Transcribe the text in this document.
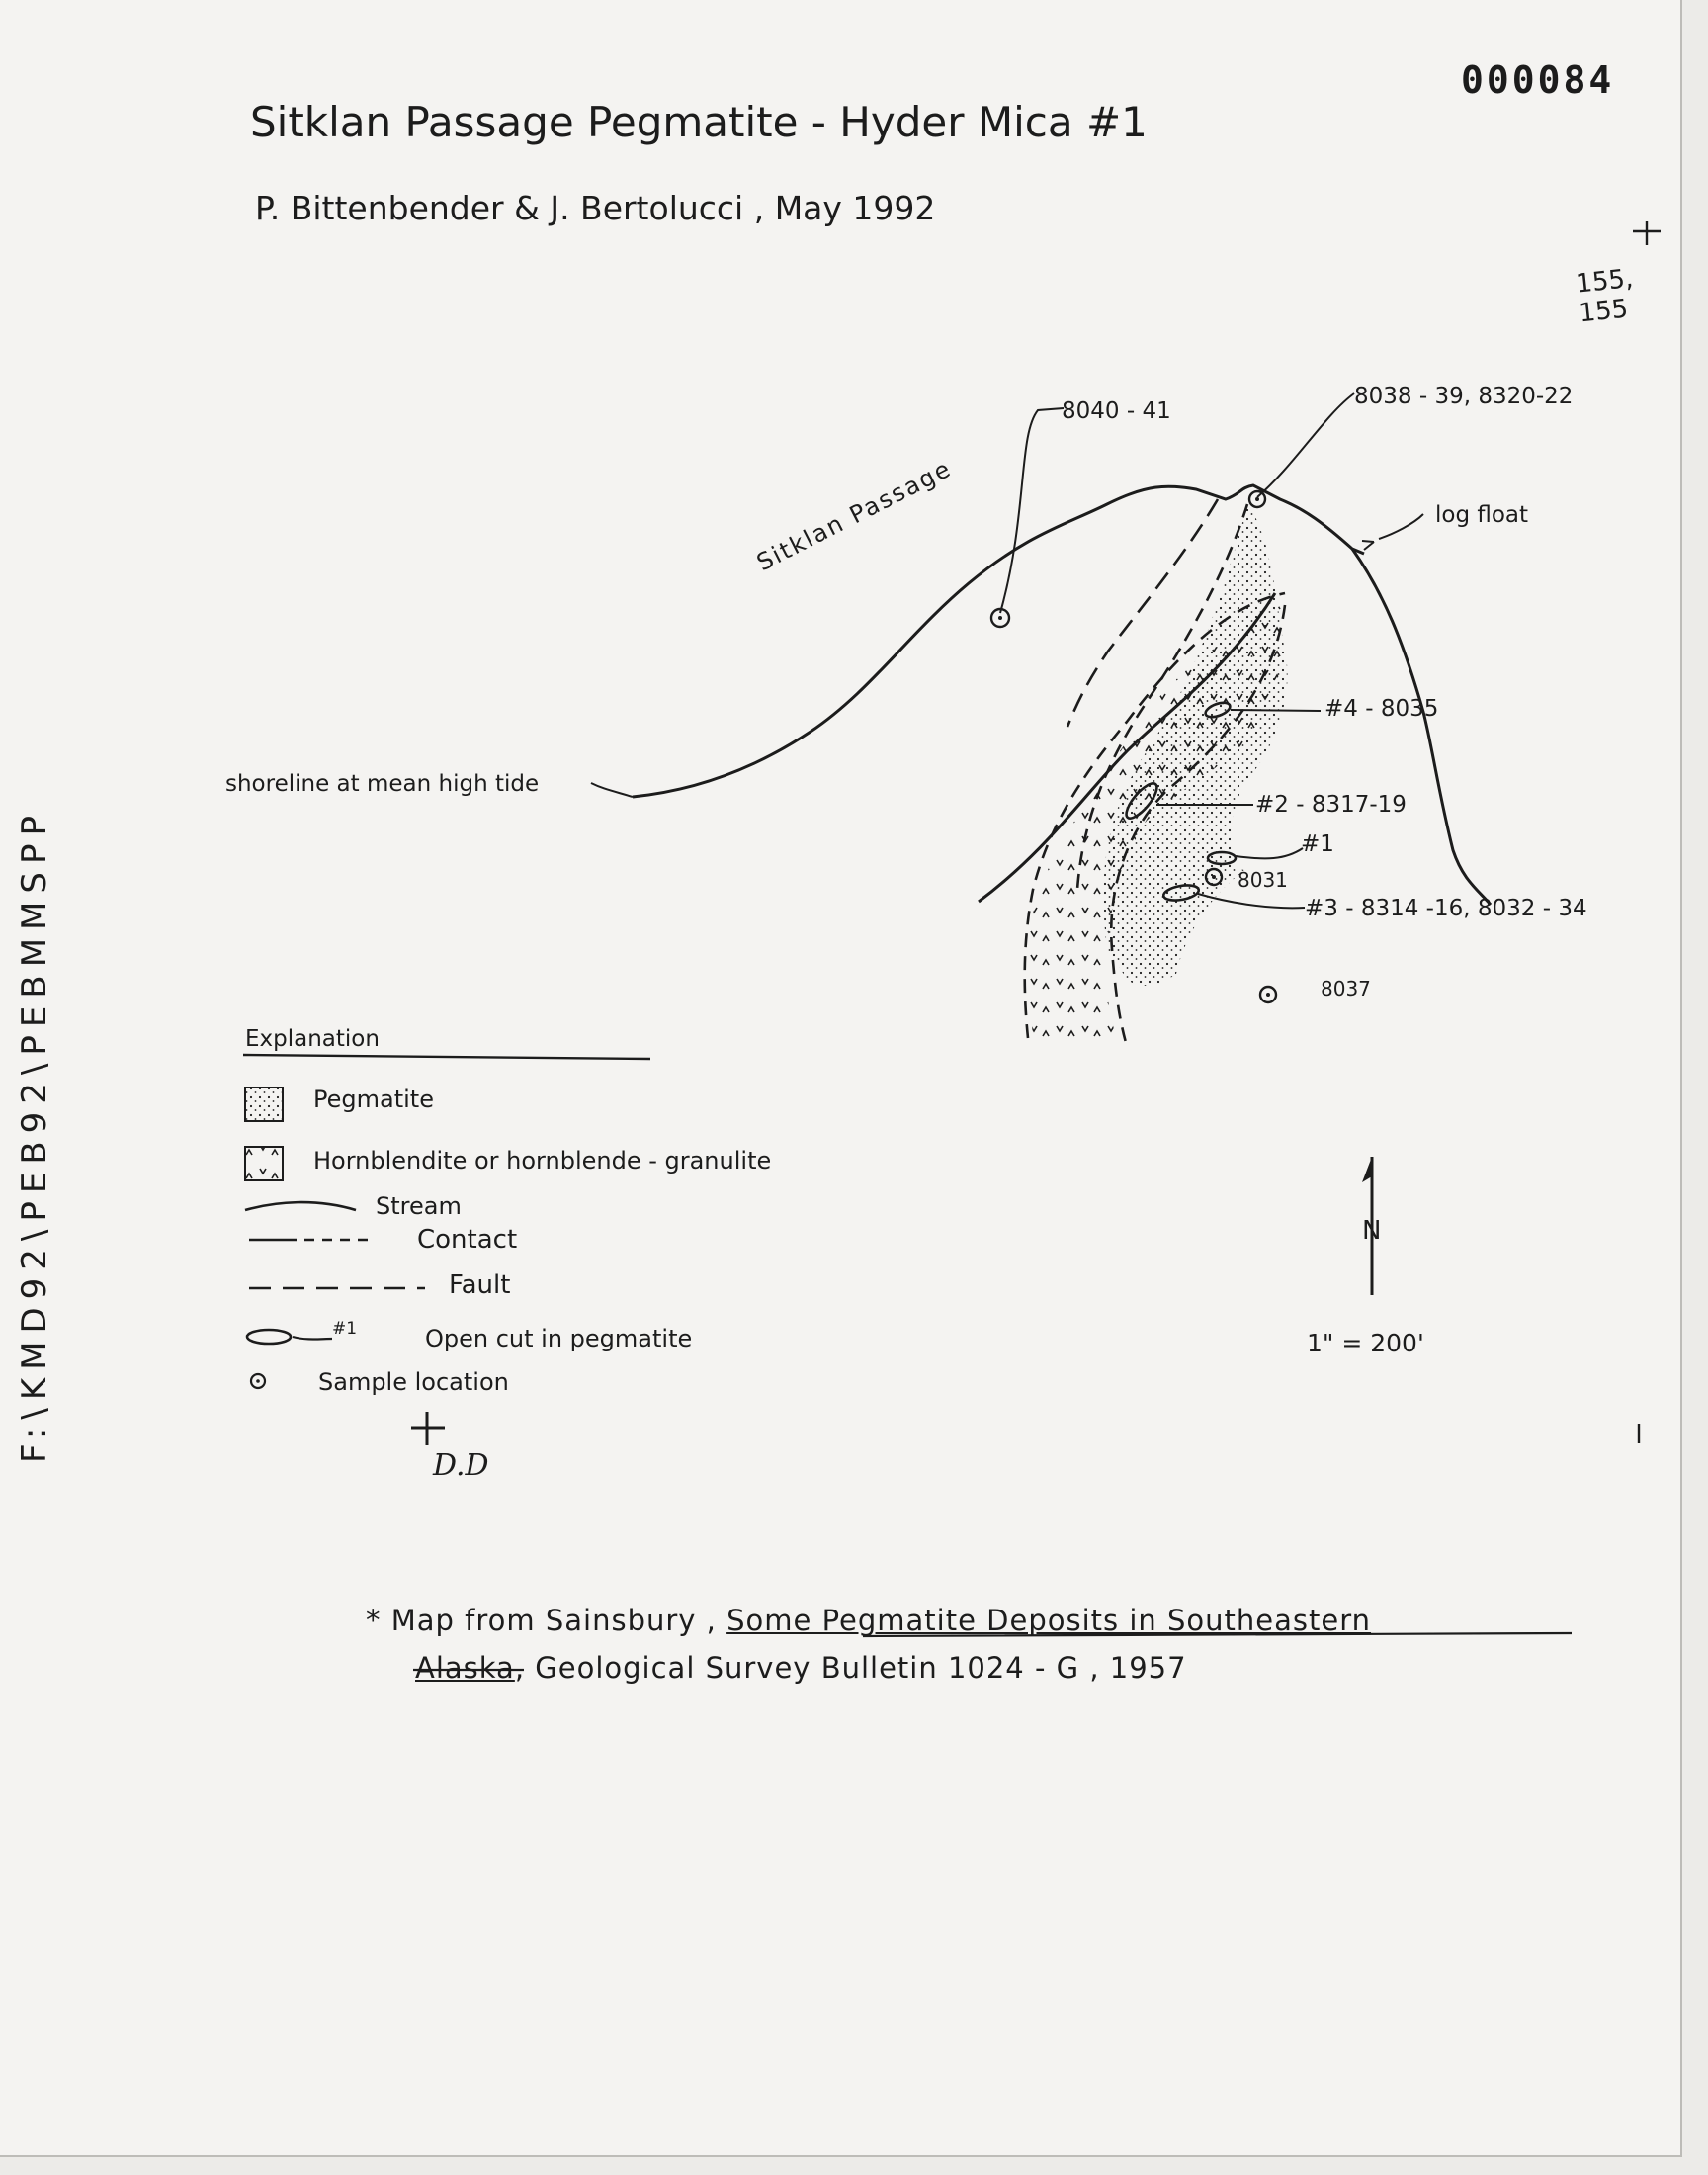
000084
Sitklan Passage Pegmatite - Hyder Mica #1
P. Bittenbender & J. Bertolucci , May 1992
155, 155
F:\KMD92\PEB92\PEBMMSPP
Sitklan Passage
shoreline at mean high tide
log float
8040 - 41
8038 - 39, 8320-22
#4 - 8035
#2 - 8317-19
#1
8031
#3 - 8314 -16, 8032 - 34
8037
N
1" = 200'
Explanation
Pegmatite
Hornblendite or hornblende - granulite
Stream
Contact
Fault
#1	Open cut in pegmatite
Sample location
D.D
* Map from Sainsbury , Some Pegmatite Deposits in Southeastern
Alaska, Geological Survey Bulletin 1024 - G , 1957
